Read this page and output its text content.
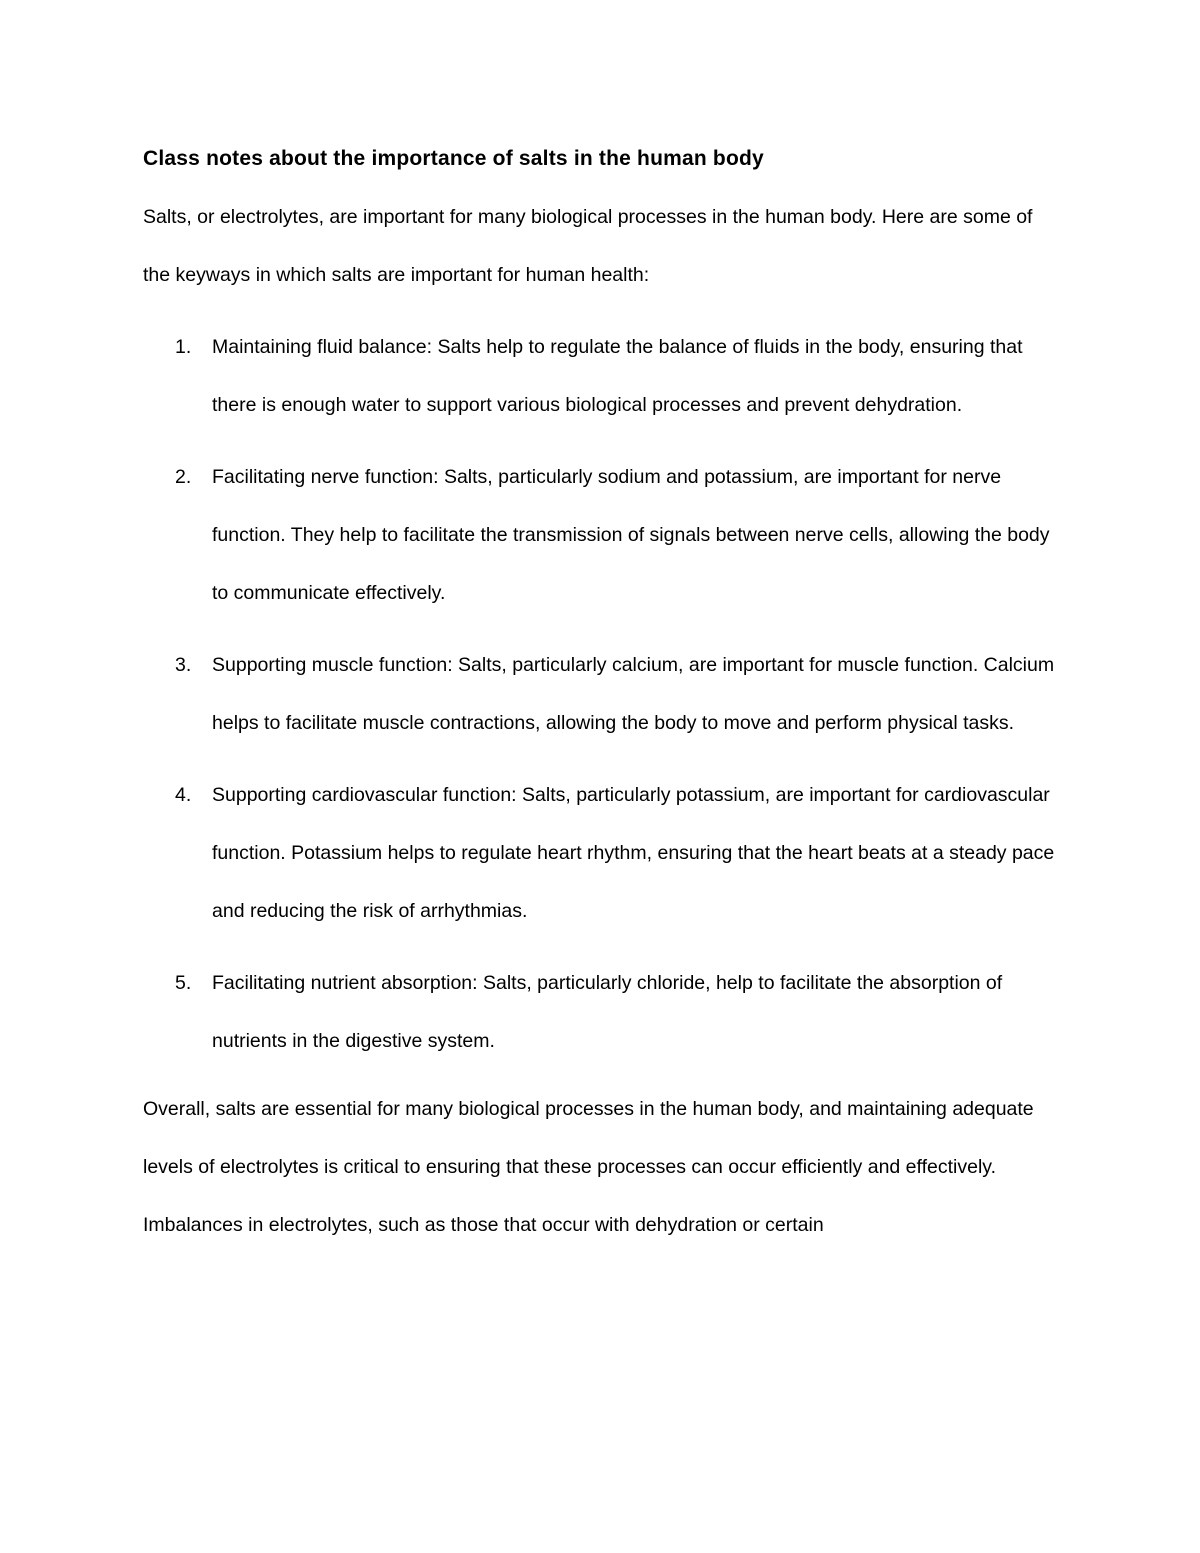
Class notes about the importance of salts in the human body

Salts, or electrolytes, are important for many biological processes in the human body. Here are some of the keyways in which salts are important for human health:

1. Maintaining fluid balance: Salts help to regulate the balance of fluids in the body, ensuring that there is enough water to support various biological processes and prevent dehydration.
2. Facilitating nerve function: Salts, particularly sodium and potassium, are important for nerve function. They help to facilitate the transmission of signals between nerve cells, allowing the body to communicate effectively.
3. Supporting muscle function: Salts, particularly calcium, are important for muscle function. Calcium helps to facilitate muscle contractions, allowing the body to move and perform physical tasks.
4. Supporting cardiovascular function: Salts, particularly potassium, are important for cardiovascular function. Potassium helps to regulate heart rhythm, ensuring that the heart beats at a steady pace and reducing the risk of arrhythmias.
5. Facilitating nutrient absorption: Salts, particularly chloride, help to facilitate the absorption of nutrients in the digestive system.

Overall, salts are essential for many biological processes in the human body, and maintaining adequate levels of electrolytes is critical to ensuring that these processes can occur efficiently and effectively. Imbalances in electrolytes, such as those that occur with dehydration or certain
